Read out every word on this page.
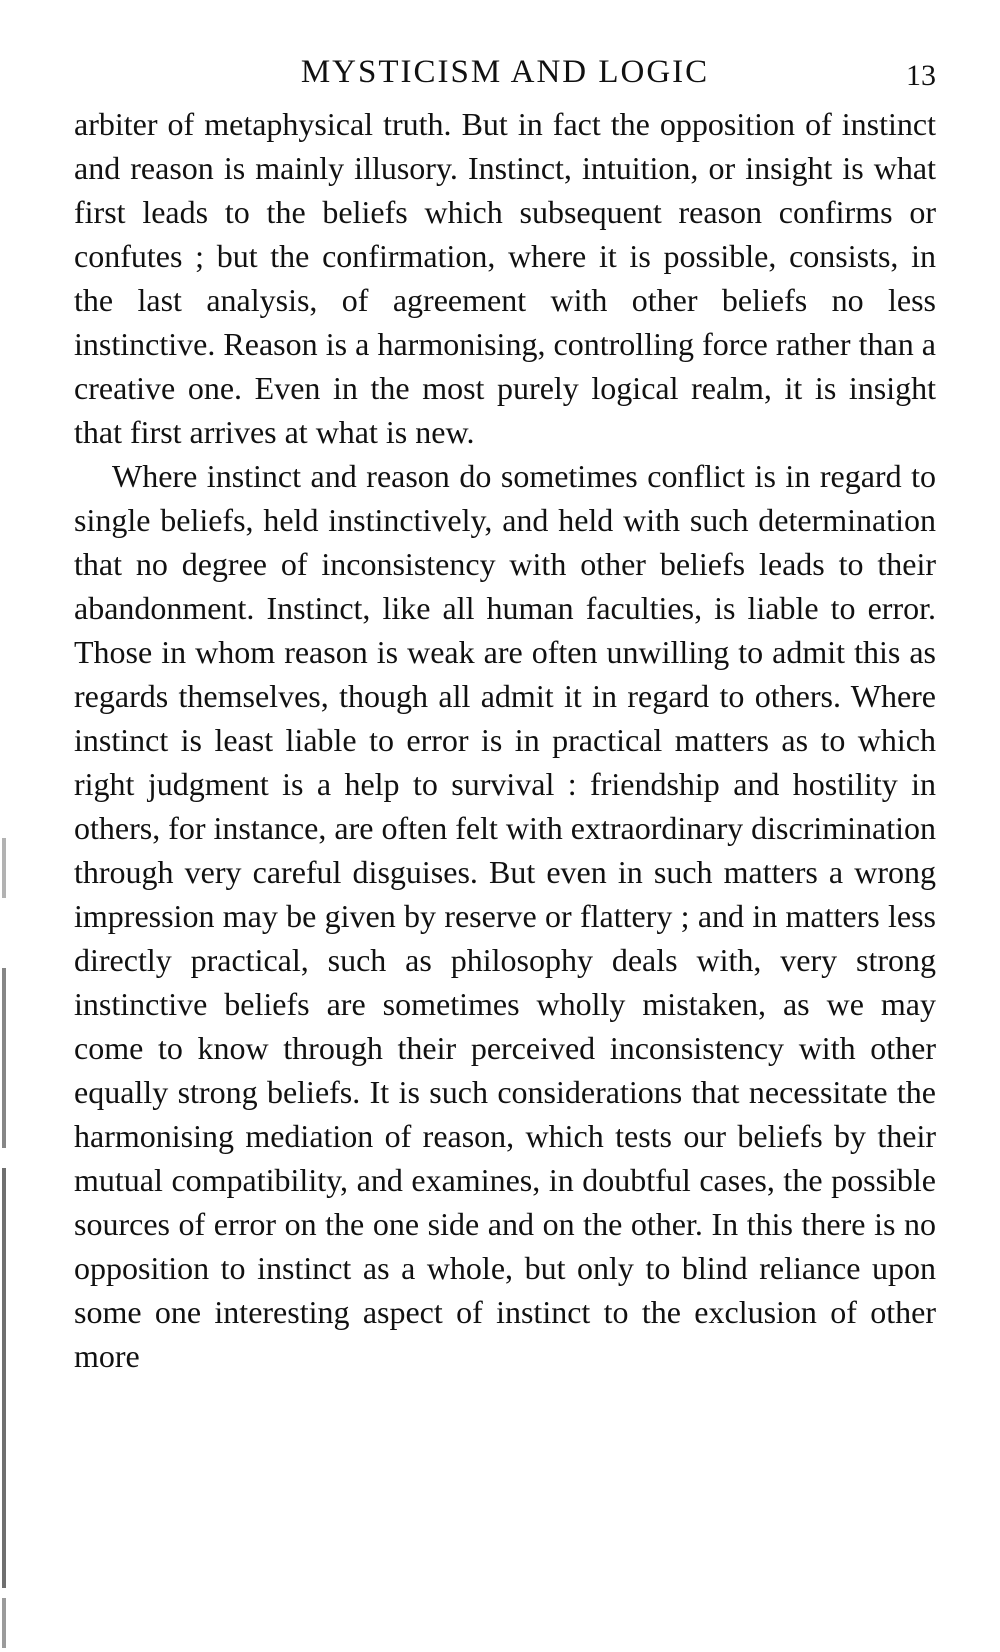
MYSTICISM AND LOGIC	13

arbiter of metaphysical truth. But in fact the opposition of instinct and reason is mainly illusory. Instinct, intuition, or insight is what first leads to the beliefs which subsequent reason confirms or confutes ; but the confirmation, where it is possible, consists, in the last analysis, of agreement with other beliefs no less instinctive. Reason is a harmonising, controlling force rather than a creative one. Even in the most purely logical realm, it is insight that first arrives at what is new.

Where instinct and reason do sometimes conflict is in regard to single beliefs, held instinctively, and held with such determination that no degree of inconsistency with other beliefs leads to their abandonment. Instinct, like all human faculties, is liable to error. Those in whom reason is weak are often unwilling to admit this as regards themselves, though all admit it in regard to others. Where instinct is least liable to error is in practical matters as to which right judgment is a help to survival : friendship and hostility in others, for instance, are often felt with extraordinary discrimination through very careful disguises. But even in such matters a wrong impression may be given by reserve or flattery ; and in matters less directly practical, such as philosophy deals with, very strong instinctive beliefs are sometimes wholly mistaken, as we may come to know through their perceived inconsistency with other equally strong beliefs. It is such considerations that necessitate the harmonising mediation of reason, which tests our beliefs by their mutual compatibility, and examines, in doubtful cases, the possible sources of error on the one side and on the other. In this there is no opposition to instinct as a whole, but only to blind reliance upon some one interesting aspect of instinct to the exclusion of other more
